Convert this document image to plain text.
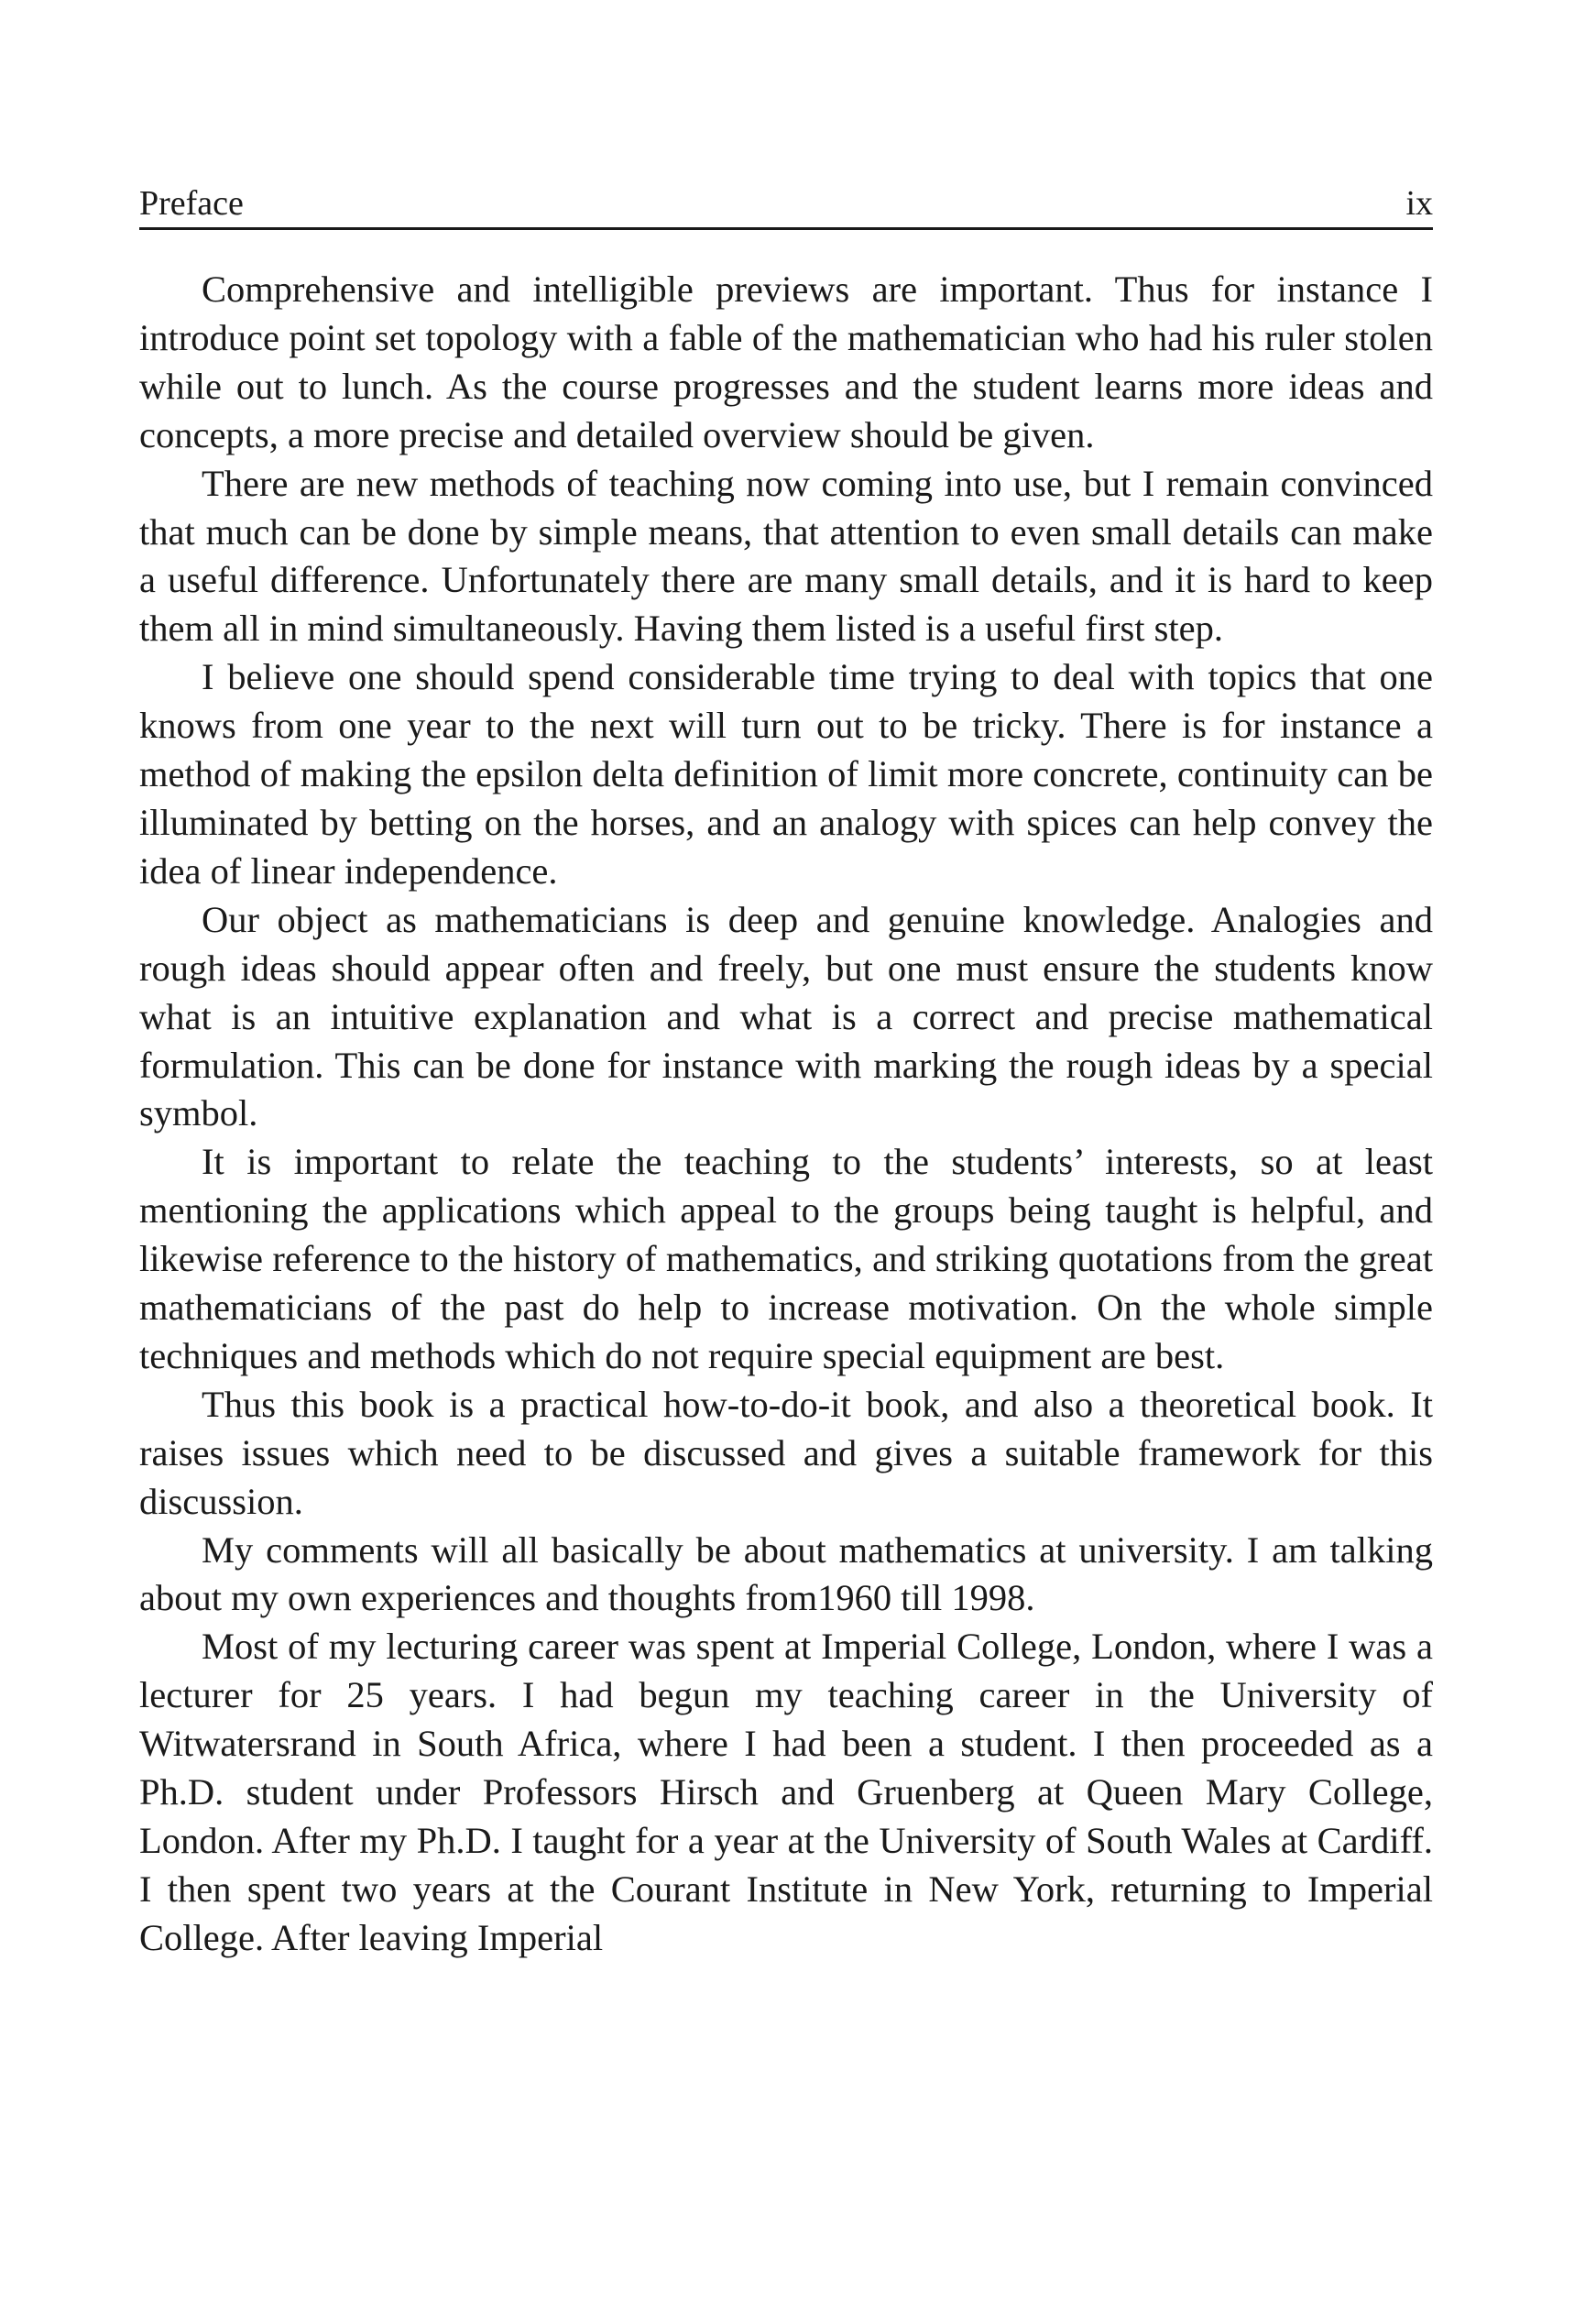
Preface	ix

Comprehensive and intelligible previews are important. Thus for instance I introduce point set topology with a fable of the mathematician who had his ruler stolen while out to lunch. As the course progresses and the student learns more ideas and concepts, a more precise and detailed overview should be given.

There are new methods of teaching now coming into use, but I remain convinced that much can be done by simple means, that attention to even small details can make a useful difference. Unfortunately there are many small details, and it is hard to keep them all in mind simultaneously. Having them listed is a useful first step.

I believe one should spend considerable time trying to deal with topics that one knows from one year to the next will turn out to be tricky. There is for instance a method of making the epsilon delta definition of limit more concrete, continuity can be illuminated by betting on the horses, and an analogy with spices can help convey the idea of linear independence.

Our object as mathematicians is deep and genuine knowledge. Analogies and rough ideas should appear often and freely, but one must ensure the students know what is an intuitive explanation and what is a correct and precise mathematical formulation. This can be done for instance with marking the rough ideas by a special symbol.

It is important to relate the teaching to the students’ interests, so at least mentioning the applications which appeal to the groups being taught is helpful, and likewise reference to the history of mathematics, and striking quotations from the great mathematicians of the past do help to increase motivation. On the whole simple techniques and methods which do not require special equipment are best.

Thus this book is a practical how-to-do-it book, and also a theoretical book. It raises issues which need to be discussed and gives a suitable framework for this discussion.

My comments will all basically be about mathematics at university. I am talking about my own experiences and thoughts from1960 till 1998.

Most of my lecturing career was spent at Imperial College, London, where I was a lecturer for 25 years. I had begun my teaching career in the University of Witwatersrand in South Africa, where I had been a student. I then proceeded as a Ph.D. student under Professors Hirsch and Gruenberg at Queen Mary College, London. After my Ph.D. I taught for a year at the University of South Wales at Cardiff. I then spent two years at the Courant Institute in New York, returning to Imperial College. After leaving Imperial
